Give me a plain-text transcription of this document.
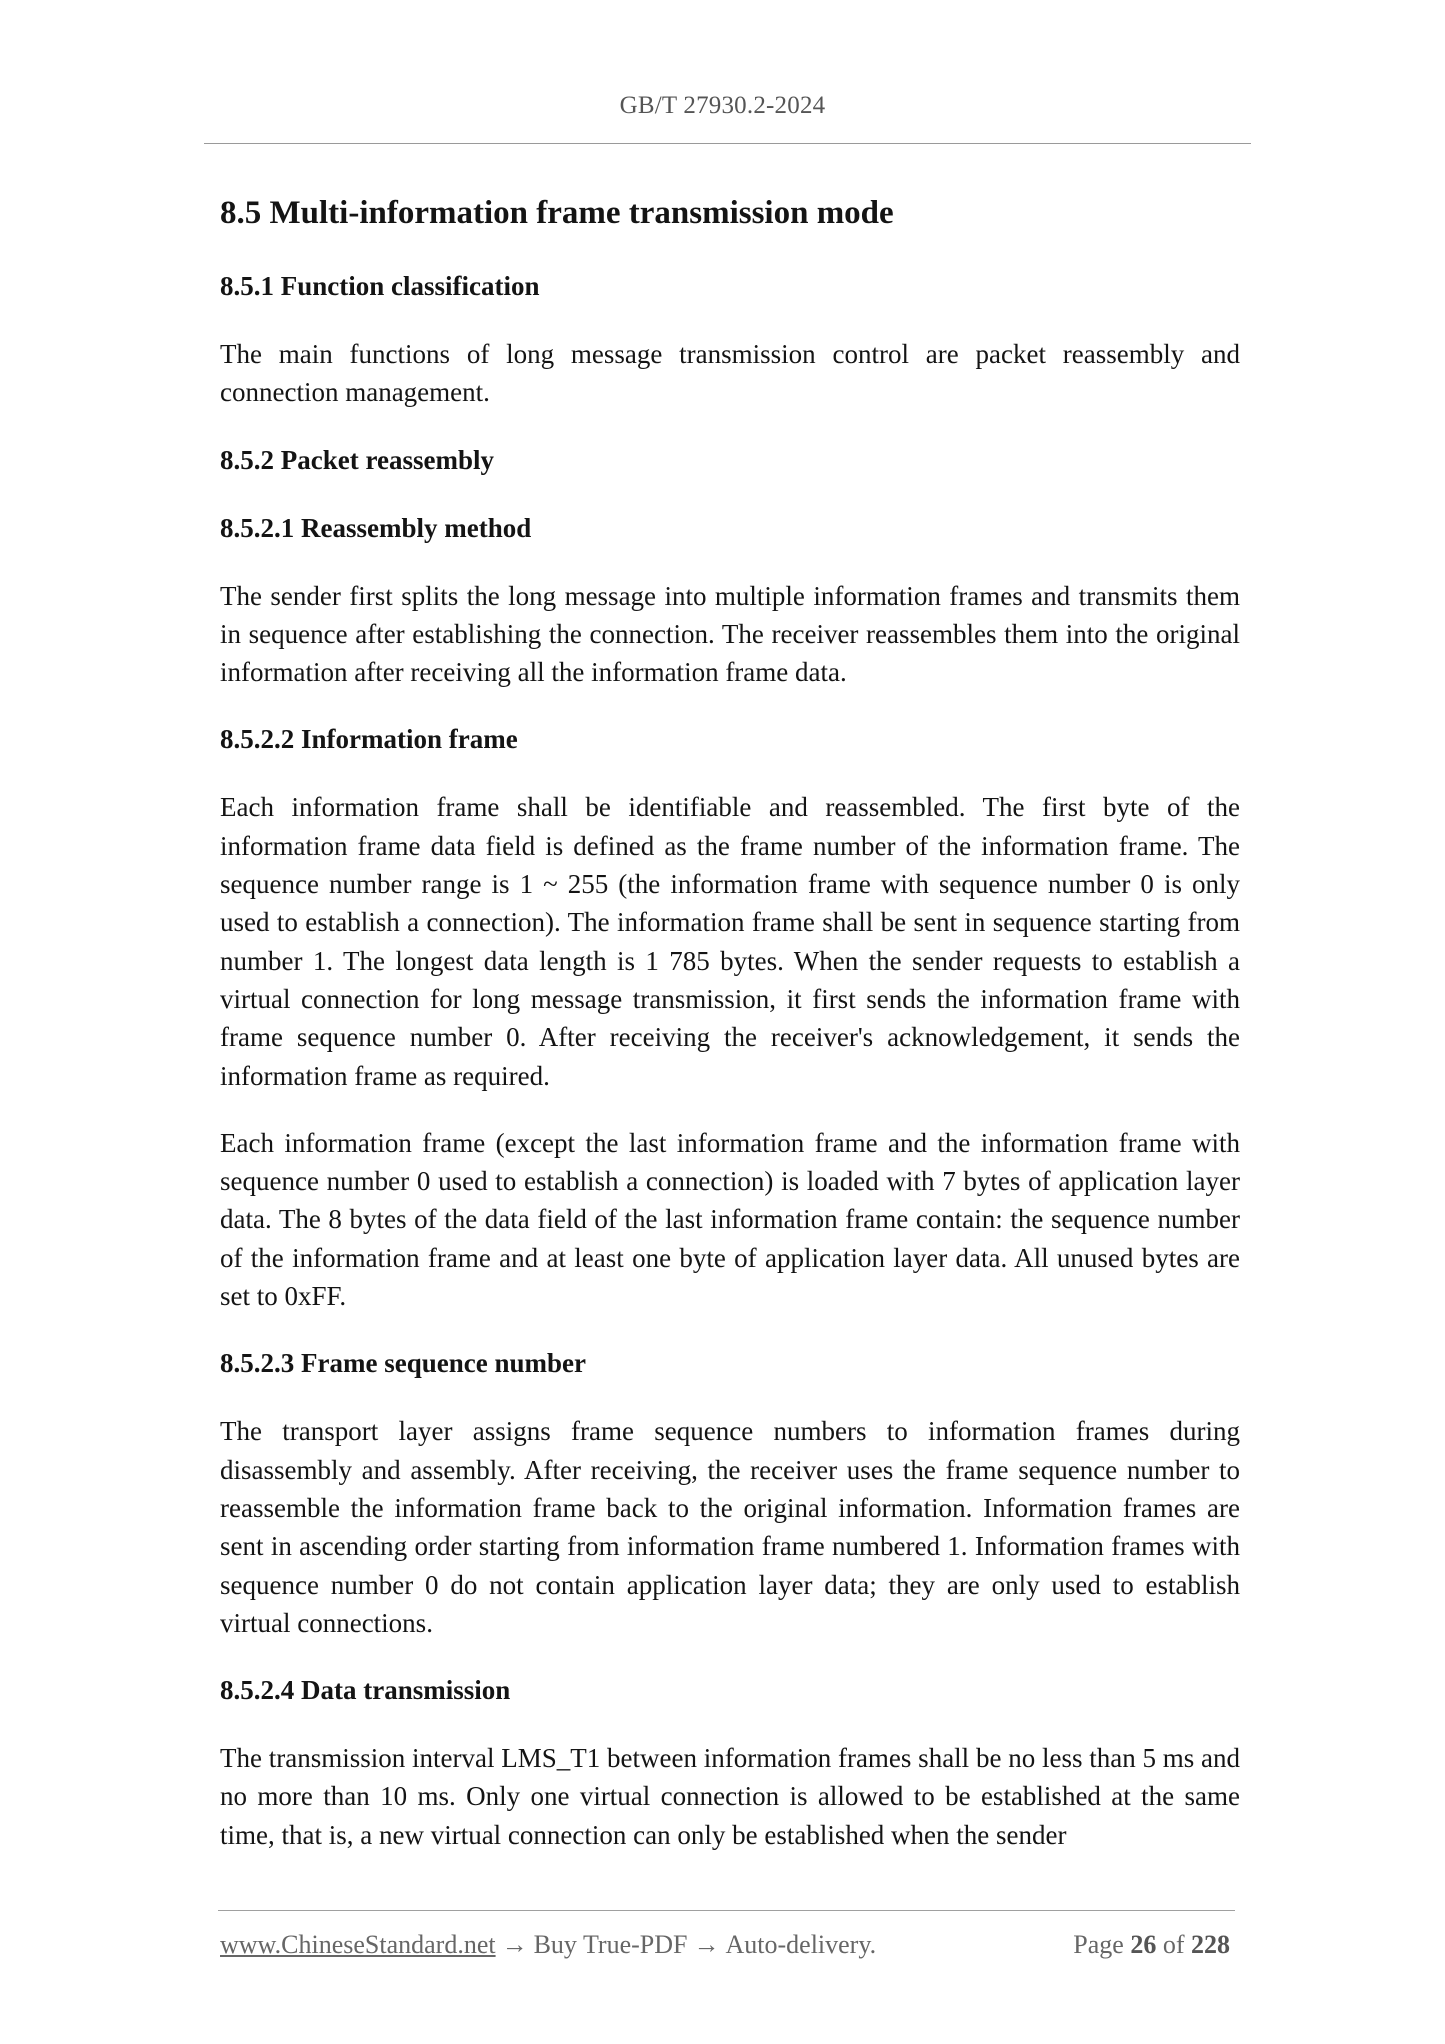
GB/T 27930.2-2024
8.5 Multi-information frame transmission mode
8.5.1 Function classification

The main functions of long message transmission control are packet reassembly and connection management.

8.5.2 Packet reassembly
8.5.2.1 Reassembly method

The sender first splits the long message into multiple information frames and transmits them in sequence after establishing the connection. The receiver reassembles them into the original information after receiving all the information frame data.

8.5.2.2 Information frame

Each information frame shall be identifiable and reassembled. The first byte of the information frame data field is defined as the frame number of the information frame. The sequence number range is 1 ~ 255 (the information frame with sequence number 0 is only used to establish a connection). The information frame shall be sent in sequence starting from number 1. The longest data length is 1 785 bytes. When the sender requests to establish a virtual connection for long message transmission, it first sends the information frame with frame sequence number 0. After receiving the receiver's acknowledgement, it sends the information frame as required.

Each information frame (except the last information frame and the information frame with sequence number 0 used to establish a connection) is loaded with 7 bytes of application layer data. The 8 bytes of the data field of the last information frame contain: the sequence number of the information frame and at least one byte of application layer data. All unused bytes are set to 0xFF.

8.5.2.3 Frame sequence number

The transport layer assigns frame sequence numbers to information frames during disassembly and assembly. After receiving, the receiver uses the frame sequence number to reassemble the information frame back to the original information. Information frames are sent in ascending order starting from information frame numbered 1. Information frames with sequence number 0 do not contain application layer data; they are only used to establish virtual connections.

8.5.2.4 Data transmission

The transmission interval LMS_T1 between information frames shall be no less than 5 ms and no more than 10 ms. Only one virtual connection is allowed to be established at the same time, that is, a new virtual connection can only be established when the sender

www.ChineseStandard.net → Buy True-PDF → Auto-delivery.	Page 26 of 228
